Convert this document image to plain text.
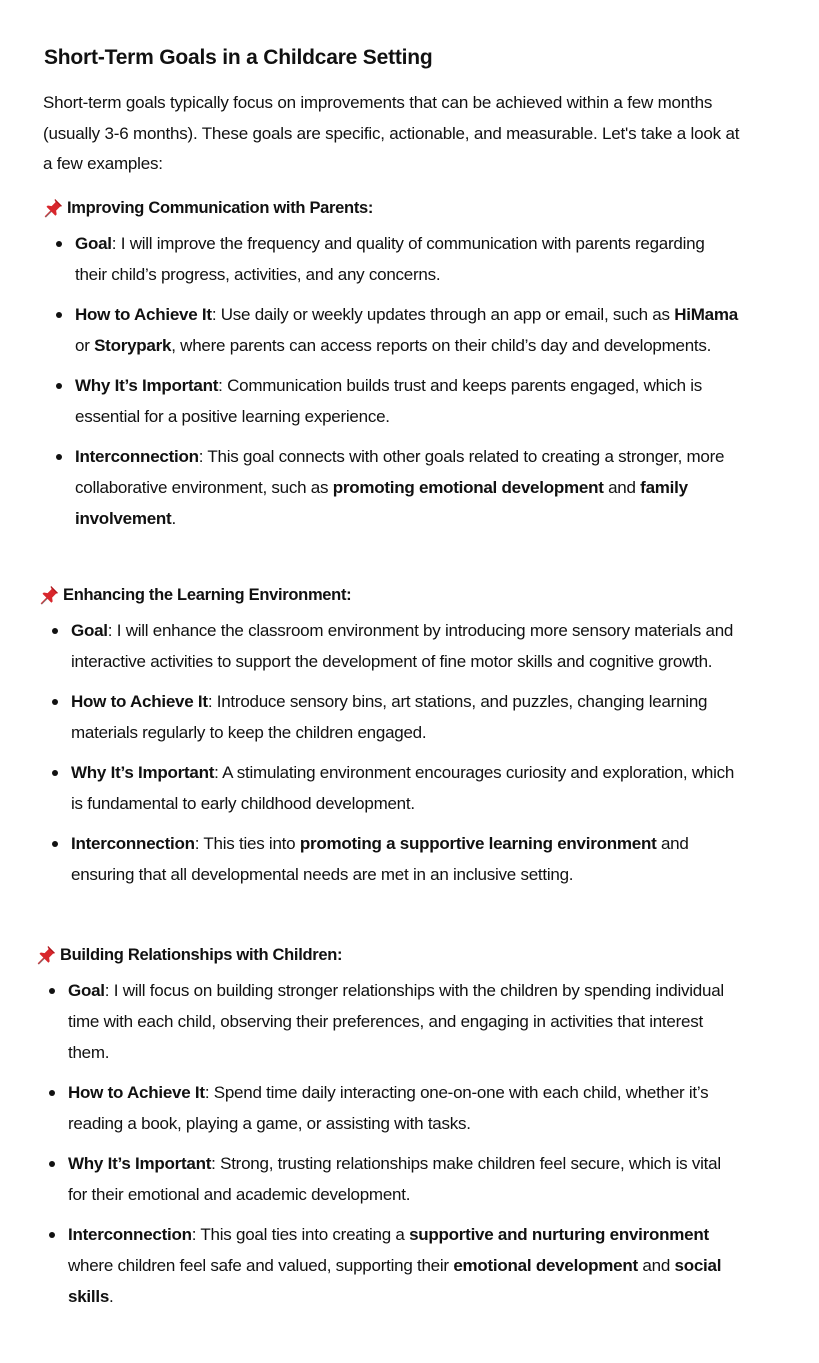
Short-Term Goals in a Childcare Setting

Short-term goals typically focus on improvements that can be achieved within a few months (usually 3-6 months). These goals are specific, actionable, and measurable. Let's take a look at a few examples:

Improving Communication with Parents:
Goal: I will improve the frequency and quality of communication with parents regarding their child’s progress, activities, and any concerns.
How to Achieve It: Use daily or weekly updates through an app or email, such as HiMama or Storypark, where parents can access reports on their child’s day and developments.
Why It’s Important: Communication builds trust and keeps parents engaged, which is essential for a positive learning experience.
Interconnection: This goal connects with other goals related to creating a stronger, more collaborative environment, such as promoting emotional development and family involvement.
Enhancing the Learning Environment:
Goal: I will enhance the classroom environment by introducing more sensory materials and interactive activities to support the development of fine motor skills and cognitive growth.
How to Achieve It: Introduce sensory bins, art stations, and puzzles, changing learning materials regularly to keep the children engaged.
Why It’s Important: A stimulating environment encourages curiosity and exploration, which is fundamental to early childhood development.
Interconnection: This ties into promoting a supportive learning environment and ensuring that all developmental needs are met in an inclusive setting.
Building Relationships with Children:
Goal: I will focus on building stronger relationships with the children by spending individual time with each child, observing their preferences, and engaging in activities that interest them.
How to Achieve It: Spend time daily interacting one-on-one with each child, whether it’s reading a book, playing a game, or assisting with tasks.
Why It’s Important: Strong, trusting relationships make children feel secure, which is vital for their emotional and academic development.
Interconnection: This goal ties into creating a supportive and nurturing environment where children feel safe and valued, supporting their emotional development and social skills.
